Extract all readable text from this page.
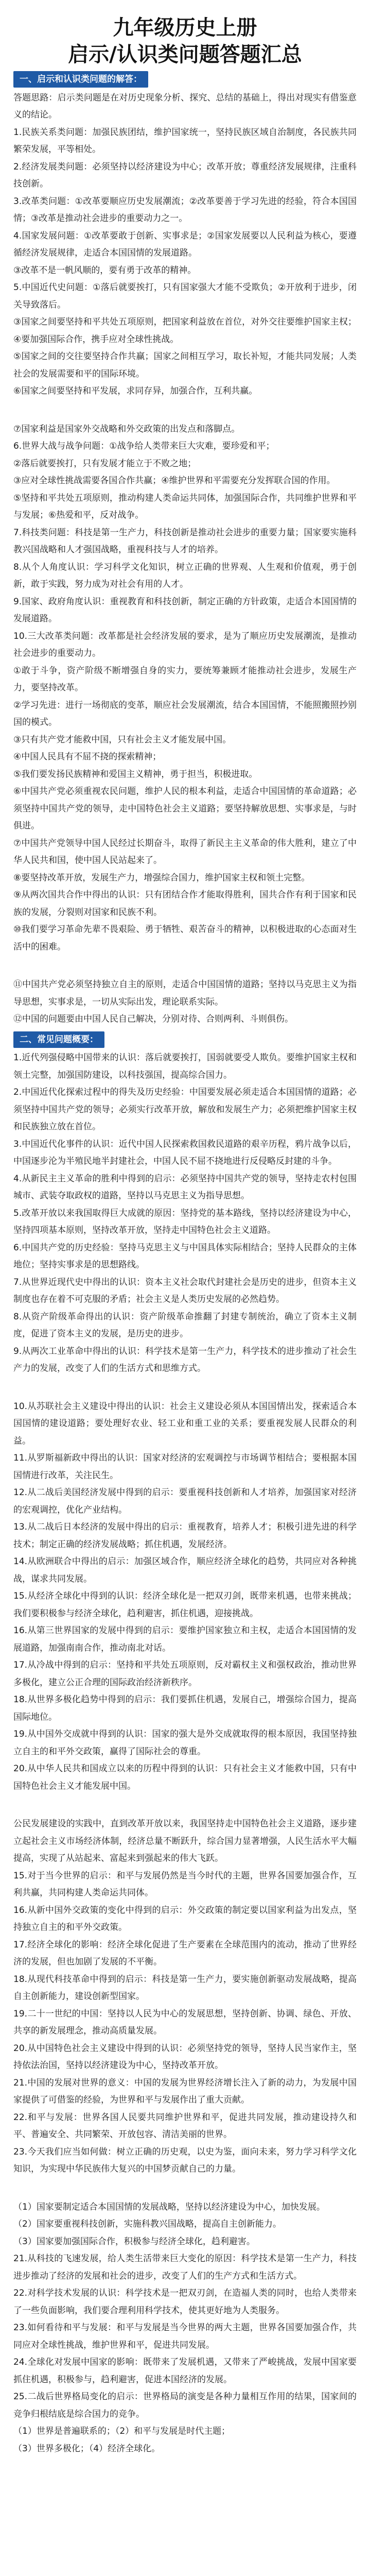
九年级历史上册
启示/认识类问题答题汇总
一、启示和认识类问题的解答：

答题思路：启示类问题是在对历史现象分析、探究、总结的基础上，得出对现实有借鉴意义的结论。

1.民族关系类问题：加强民族团结，维护国家统一，坚持民族区域自治制度，各民族共同繁荣发展，平等相处。

2.经济发展类问题：必须坚持以经济建设为中心；改革开放；尊重经济发展规律，注重科技创新。

3.改革类问题：①改革要顺应历史发展潮流；②改革要善于学习先进的经验，符合本国国情；③改革是推动社会进步的重要动力之一。

4.国家发展问题：①改革要敢于创新、实事求是；②国家发展要以人民利益为核心，要遵循经济发展规律，走适合本国国情的发展道路。

③改革不是一帆风顺的，要有勇于改革的精神。

5.中国近代史问题：①落后就要挨打，只有国家强大才能不受欺负；②开放利于进步，闭关导致落后。

③国家之间要坚持和平共处五项原则，把国家利益放在首位，对外交往要维护国家主权；④要加强国际合作，携手应对全球性挑战。

⑤国家之间的交往要坚持合作共赢；国家之间相互学习，取长补短，才能共同发展；人类社会的发展需要和平的国际环境。

⑥国家之间要坚持和平发展，求同存异，加强合作，互利共赢。

⑦国家利益是国家外交战略和外交政策的出发点和落脚点。

6.世界大战与战争问题：①战争给人类带来巨大灾难，要珍爱和平；

②落后就要挨打，只有发展才能立于不败之地；

③应对全球性挑战需要各国合作共赢；④维护世界和平需要充分发挥联合国的作用。

⑤坚持和平共处五项原则，推动构建人类命运共同体，加强国际合作，共同维护世界和平与发展；⑥热爱和平，反对战争。

7.科技类问题：科技是第一生产力，科技创新是推动社会进步的重要力量；国家要实施科教兴国战略和人才强国战略，重视科技与人才的培养。

8.从个人角度认识：学习科学文化知识，树立正确的世界观、人生观和价值观，勇于创新，敢于实践，努力成为对社会有用的人才。

9.国家、政府角度认识：重视教育和科技创新，制定正确的方针政策，走适合本国国情的发展道路。

10.三大改革类问题：改革都是社会经济发展的要求，是为了顺应历史发展潮流，是推动社会进步的重要动力。

①敢于斗争，资产阶级不断增强自身的实力，要统筹兼顾才能推动社会进步，发展生产力，要坚持改革。

②学习先进：进行一场彻底的变革，顺应社会发展潮流，结合本国国情，不能照搬照抄别国的模式。

③只有共产党才能救中国，只有社会主义才能发展中国。

④中国人民具有不屈不挠的探索精神；

⑤我们要发扬民族精神和爱国主义精神，勇于担当，积极进取。

⑥中国共产党必须重视农民问题，维护人民的根本利益，走适合中国国情的革命道路；必须坚持中国共产党的领导，走中国特色社会主义道路；要坚持解放思想、实事求是，与时俱进。

⑦中国共产党领导中国人民经过长期奋斗，取得了新民主主义革命的伟大胜利，建立了中华人民共和国，使中国人民站起来了。

⑧要坚持改革开放，发展生产力，增强综合国力，维护国家主权和领土完整。

⑨从两次国共合作中得出的认识：只有团结合作才能取得胜利，国共合作有利于国家和民族的发展，分裂则对国家和民族不利。

⑩我们要学习革命先辈不畏艰险、勇于牺牲、艰苦奋斗的精神，以积极进取的心态面对生活中的困难。

⑪中国共产党必须坚持独立自主的原则，走适合中国国情的道路；坚持以马克思主义为指导思想，实事求是，一切从实际出发，理论联系实际。

⑫中国的问题要由中国人民自己解决，分别对待、合则两利、斗则俱伤。

二、常见问题概要：

1.近代列强侵略中国带来的认识：落后就要挨打，国弱就要受人欺负。要维护国家主权和领土完整，加强国防建设，以科技强国，提高综合国力。

2.中国近代化探索过程中的得失及历史经验：中国要发展必须走适合本国国情的道路；必须坚持中国共产党的领导；必须实行改革开放，解放和发展生产力；必须把维护国家主权和民族独立放在首位。

3.中国近代化事件的认识：近代中国人民探索救国救民道路的艰辛历程，鸦片战争以后，中国逐步沦为半殖民地半封建社会，中国人民不屈不挠地进行反侵略反封建的斗争。

4.从新民主主义革命的胜利中得到的启示：必须坚持中国共产党的领导，坚持走农村包围城市、武装夺取政权的道路，坚持以马克思主义为指导思想。

5.改革开放以来我国取得巨大成就的原因：坚持党的基本路线，坚持以经济建设为中心，坚持四项基本原则，坚持改革开放，坚持走中国特色社会主义道路。

6.中国共产党的历史经验：坚持马克思主义与中国具体实际相结合；坚持人民群众的主体地位；坚持实事求是的思想路线。

7.从世界近现代史中得出的认识：资本主义社会取代封建社会是历史的进步，但资本主义制度也存在着不可克服的矛盾；社会主义是人类历史发展的必然趋势。

8.从资产阶级革命得出的认识：资产阶级革命推翻了封建专制统治，确立了资本主义制度，促进了资本主义的发展，是历史的进步。

9.从两次工业革命中得出的认识：科学技术是第一生产力，科学技术的进步推动了社会生产力的发展，改变了人们的生活方式和思维方式。

10.从苏联社会主义建设中得出的认识：社会主义建设必须从本国国情出发，探索适合本国国情的建设道路；要处理好农业、轻工业和重工业的关系；要重视发展人民群众的利益。

11.从罗斯福新政中得出的认识：国家对经济的宏观调控与市场调节相结合；要根据本国国情进行改革，关注民生。

12.从二战后美国经济发展中得到的启示：要重视科技创新和人才培养，加强国家对经济的宏观调控，优化产业结构。

13.从二战后日本经济的发展中得出的启示：重视教育，培养人才；积极引进先进的科学技术；制定正确的经济发展战略；抓住机遇，发展经济。

14.从欧洲联合中得出的启示：加强区域合作，顺应经济全球化的趋势，共同应对各种挑战，谋求共同发展。

15.从经济全球化中得到的认识：经济全球化是一把双刃剑，既带来机遇，也带来挑战；我们要积极参与经济全球化，趋利避害，抓住机遇，迎接挑战。

16.从第三世界国家的发展中得到的启示：要维护国家独立和主权，走适合本国国情的发展道路，加强南南合作，推动南北对话。

17.从冷战中得到的启示：坚持和平共处五项原则，反对霸权主义和强权政治，推动世界多极化，建立公正合理的国际政治经济新秩序。

18.从世界多极化趋势中得到的启示：我们要抓住机遇，发展自己，增强综合国力，提高国际地位。

19.从中国外交成就中得到的认识：国家的强大是外交成就取得的根本原因，我国坚持独立自主的和平外交政策，赢得了国际社会的尊重。

20.从中华人民共和国成立以来的历程中得到的认识：只有社会主义才能救中国，只有中国特色社会主义才能发展中国。

公民发展建设的实践中，直到改革开放以来，我国坚持走中国特色社会主义道路，逐步建立起社会主义市场经济体制，经济总量不断跃升，综合国力显著增强，人民生活水平大幅提高，实现了从站起来、富起来到强起来的伟大飞跃。

15.对于当今世界的启示：和平与发展仍然是当今时代的主题，世界各国要加强合作，互利共赢，共同构建人类命运共同体。

16.从新中国外交政策的变化中得到的启示：外交政策的制定要以国家利益为出发点，坚持独立自主的和平外交政策。

17.经济全球化的影响：经济全球化促进了生产要素在全球范围内的流动，推动了世界经济的发展，但也加剧了发展的不平衡。

18.从现代科技革命中得到的启示：科技是第一生产力，要实施创新驱动发展战略，提高自主创新能力，建设创新型国家。

19.二十一世纪的中国：坚持以人民为中心的发展思想，坚持创新、协调、绿色、开放、共享的新发展理念，推动高质量发展。

20.从中国特色社会主义建设中得到的认识：必须坚持党的领导，坚持人民当家作主，坚持依法治国，坚持以经济建设为中心，坚持改革开放。

21.中国的发展对世界的意义：中国的发展为世界经济增长注入了新的动力，为发展中国家提供了可借鉴的经验，为世界和平与发展作出了重大贡献。

22.和平与发展：世界各国人民要共同维护世界和平，促进共同发展，推动建设持久和平、普遍安全、共同繁荣、开放包容、清洁美丽的世界。

23.今天我们应当如何做：树立正确的历史观，以史为鉴，面向未来，努力学习科学文化知识，为实现中华民族伟大复兴的中国梦贡献自己的力量。

（1）国家要制定适合本国国情的发展战略，坚持以经济建设为中心，加快发展。

（2）国家要重视科技创新，实施科教兴国战略，提高自主创新能力。

（3）国家要加强国际合作，积极参与经济全球化，趋利避害。

21.从科技的飞速发展，给人类生活带来巨大变化的原因：科学技术是第一生产力，科技进步推动了经济的发展和社会的进步，改变了人们的生产方式和生活方式。

22.对科学技术发展的认识：科学技术是一把双刃剑，在造福人类的同时，也给人类带来了一些负面影响，我们要合理利用科学技术，使其更好地为人类服务。

23.如何看待和平与发展：和平与发展是当今世界的两大主题，世界各国要加强合作，共同应对全球性挑战，维护世界和平，促进共同发展。

24.全球化对发展中国家的影响：既带来了发展机遇，又带来了严峻挑战，发展中国家要抓住机遇，积极参与，趋利避害，促进本国经济的发展。

25.二战后世界格局变化的启示：世界格局的演变是各种力量相互作用的结果，国家间的竞争归根结底是综合国力的竞争。

（1）世界是普遍联系的；（2）和平与发展是时代主题；

（3）世界多极化；（4）经济全球化。
